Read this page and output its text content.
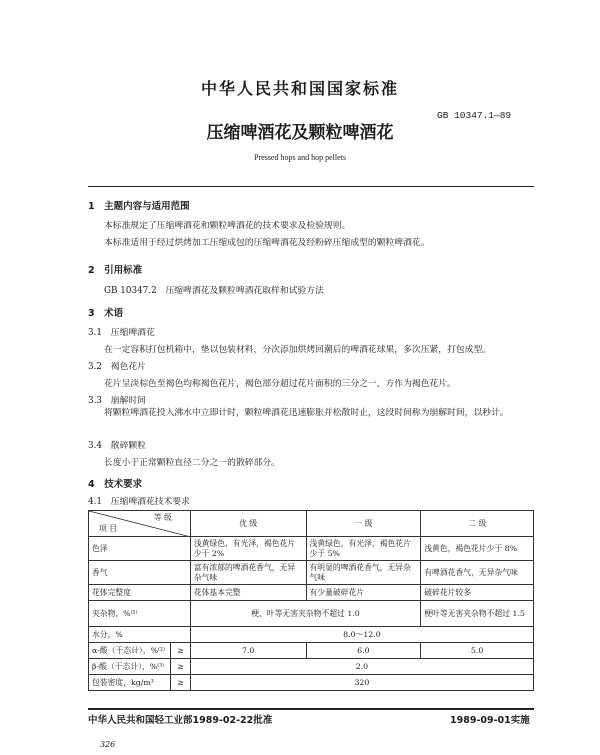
中华人民共和国国家标准
压缩啤酒花及颗粒啤酒花
GB 10347.1—89
Pressed hops and hop pellets
1　主题内容与适用范围
本标准规定了压缩啤酒花和颗粒啤酒花的技术要求及检验规则。
本标准适用于经过烘烤加工压缩成包的压缩啤酒花及经粉碎压缩成型的颗粒啤酒花。
2　引用标准
GB 10347.2　压缩啤酒花及颗粒啤酒花取样和试验方法
3　术语
3.1　压缩啤酒花
在一定容积打包机箱中，垫以包装材料，分次添加烘烤回潮后的啤酒花球果，多次压紧，打包成型。
3.2　褐色花片
花片呈淡棕色至褐色均称褐色花片，褐色部分超过花片面积的三分之一，方作为褐色花片。
3.3　崩解时间
将颗粒啤酒花投入沸水中立即计时，颗粒啤酒花迅速膨胀并松散时止，这段时间称为崩解时间，以秒计。
3.4　散碎颗粒
长度小于正常颗粒直径二分之一的散碎部分。
4　技术要求
4.1　压缩啤酒花技术要求
等 级
项 目		优 级	一 级	二 级
色泽		浅黄绿色，有光泽，褐色花片少于 2%	浅黄绿色，有光泽，褐色花片少于 5%	浅黄色，褐色花片少于 8%
香气		富有浓郁的啤酒花香气，无异杂气味	有明显的啤酒花香气，无异杂气味	有啤酒花香气，无异杂气味
花体完整度		花体基本完整	有少量破碎花片	破碎花片较多
夹杂物，%⁽¹⁾		梗、叶等无害夹杂物不超过 1.0		梗叶等无害夹杂物不超过 1.5
水分，%		8.0～12.0		
α-酸（干态计），%⁽²⁾	≥	7.0	6.0	5.0
β-酸（干态计），%⁽³⁾	≥	2.0		
包装密度，kg/m³	≥	320		
中华人民共和国轻工业部1989-02-22批准	1989-09-01实施
326
